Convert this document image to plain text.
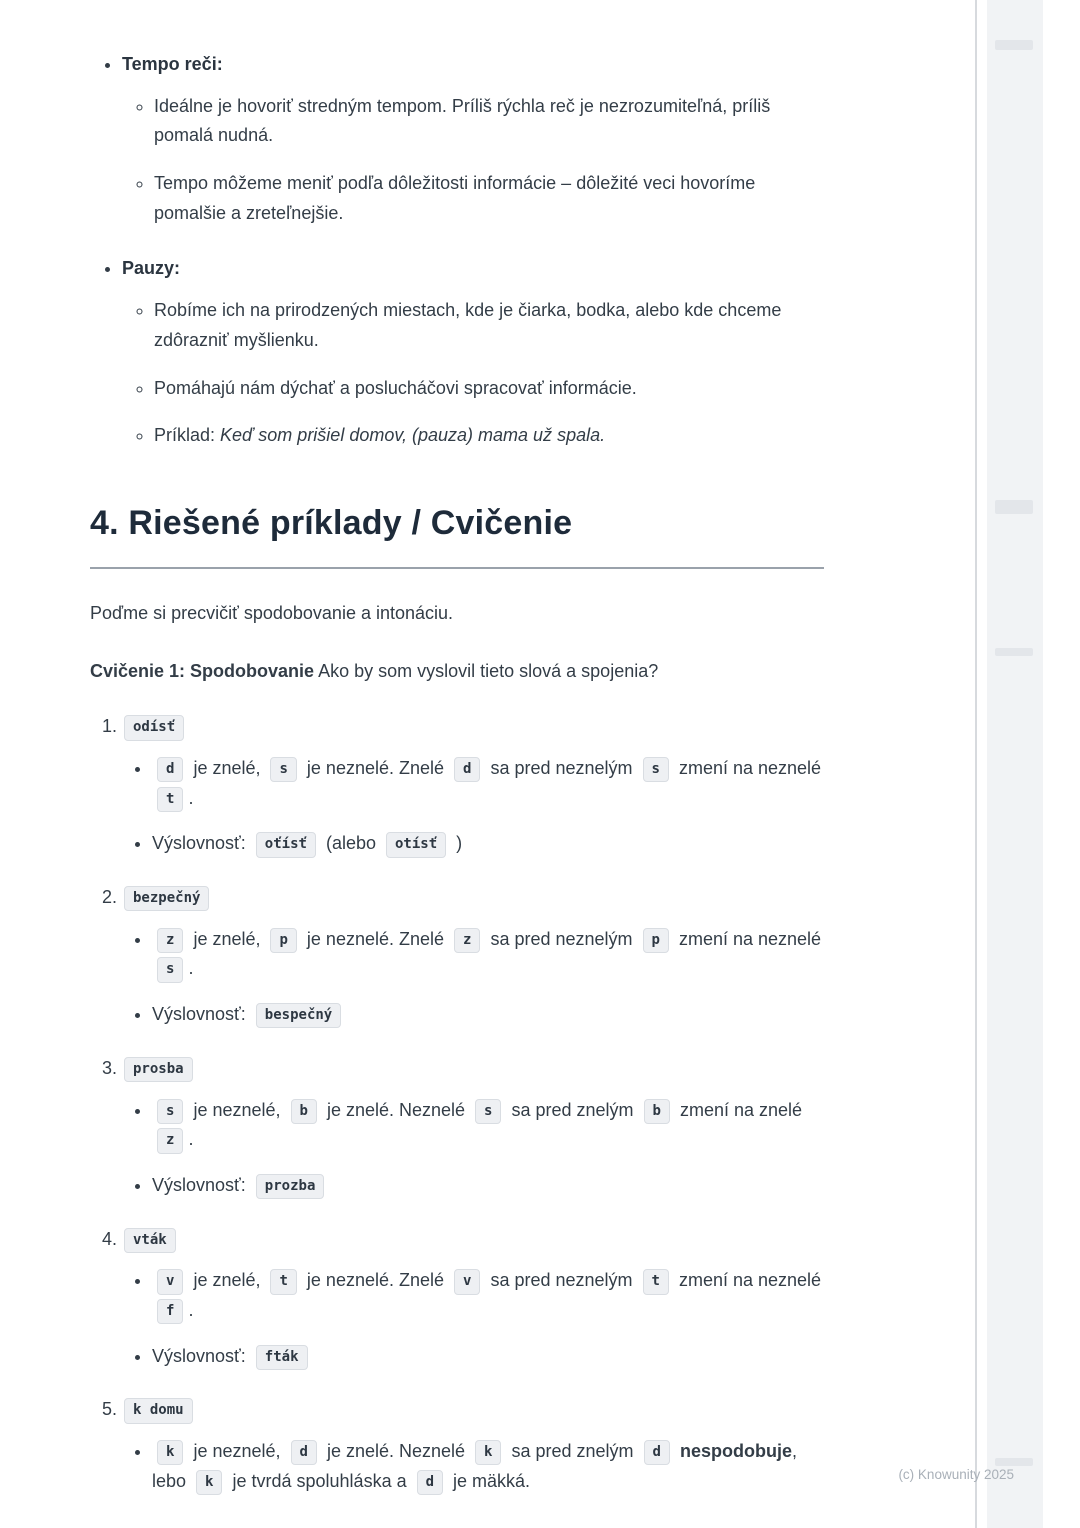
• Tempo reči:
◦ Ideálne je hovoriť stredným tempom. Príliš rýchla reč je nezrozumiteľná, príliš pomalá nudná.
◦ Tempo môžeme meniť podľa dôležitosti informácie – dôležité veci hovoríme pomalšie a zreteľnejšie.
• Pauzy:
◦ Robíme ich na prirodzených miestach, kde je čiarka, bodka, alebo kde chceme zdôrazniť myšlienku.
◦ Pomáhajú nám dýchať a poslucháčovi spracovať informácie.
◦ Príklad: Keď som prišiel domov, (pauza) mama už spala.
4. Riešené príklady / Cvičenie

Poďme si precvičiť spodobovanie a intonáciu.

Cvičenie 1: Spodobovanie Ako by som vyslovil tieto slová a spojenia?

1. odísť
• d je znelé, s je neznelé. Znelé d sa pred neznelým s zmení na neznelé t .
• Výslovnosť: oťísť (alebo otísť )
2. bezpečný
• z je znelé, p je neznelé. Znelé z sa pred neznelým p zmení na neznelé s .
• Výslovnosť: bespečný
3. prosba
• s je neznelé, b je znelé. Neznelé s sa pred znelým b zmení na znelé z .
• Výslovnosť: prozba
4. vták
• v je znelé, t je neznelé. Znelé v sa pred neznelým t zmení na neznelé f .
• Výslovnosť: fták
5. k domu
• k je neznelé, d je znelé. Neznelé k sa pred znelým d nespodobuje, lebo k je tvrdá spoluhláska a d je mäkká.	(c) Knowunity 2025
